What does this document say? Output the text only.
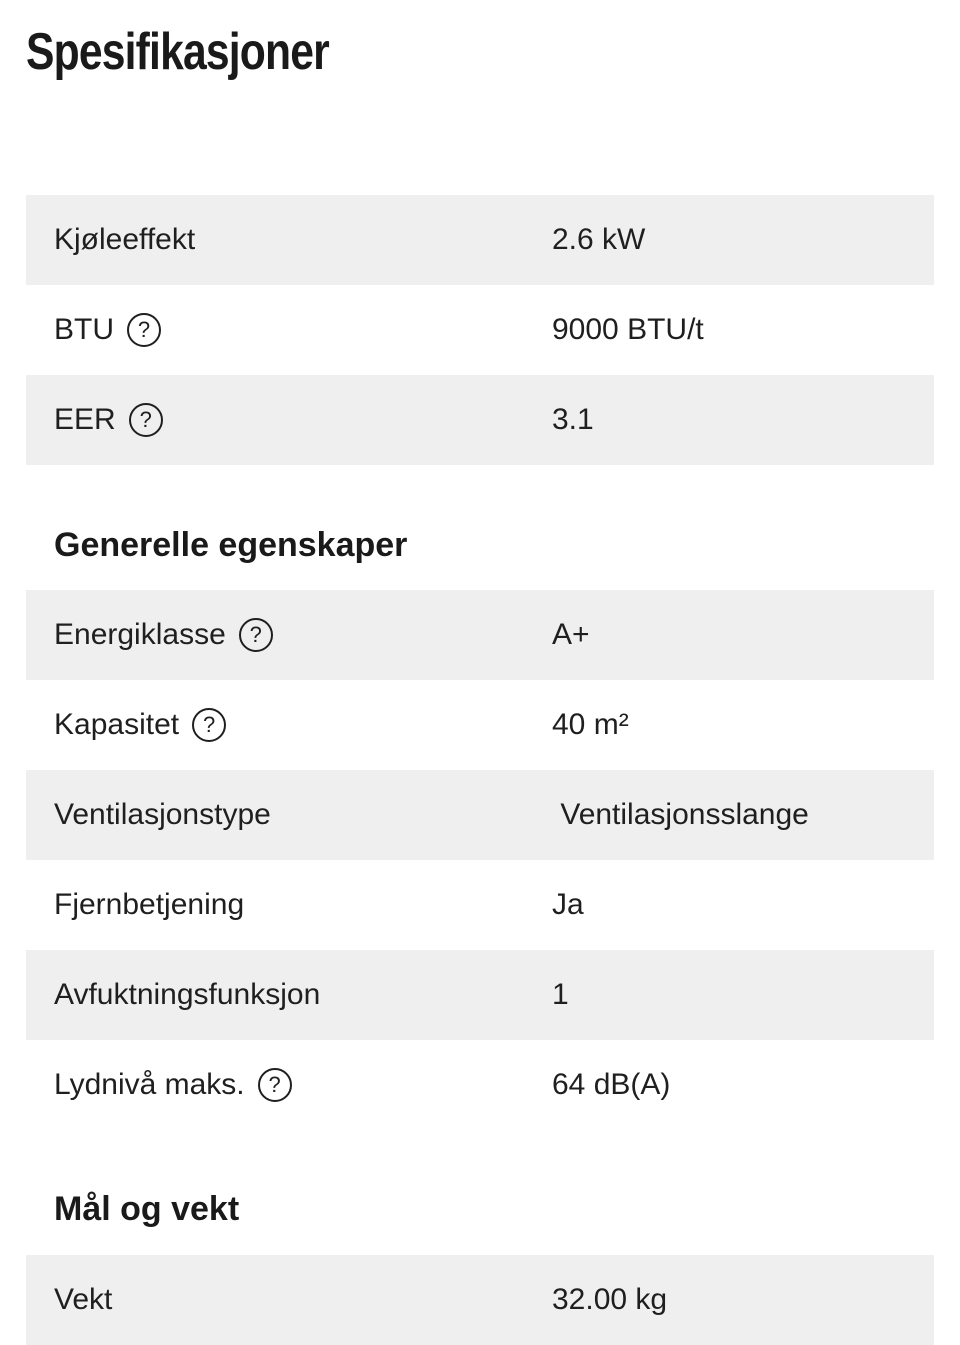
Spesifikasjoner
Kjøleeffekt	2.6 kW
BTU	?	9000 BTU/t
EER	?	3.1
Generelle egenskaper
Energiklasse	?	A+
Kapasitet	?	40 m²
Ventilasjonstype	Ventilasjonsslange
Fjernbetjening	Ja
Avfuktningsfunksjon	1
Lydnivå maks.	?	64 dB(A)
Mål og vekt
Vekt	32.00 kg
